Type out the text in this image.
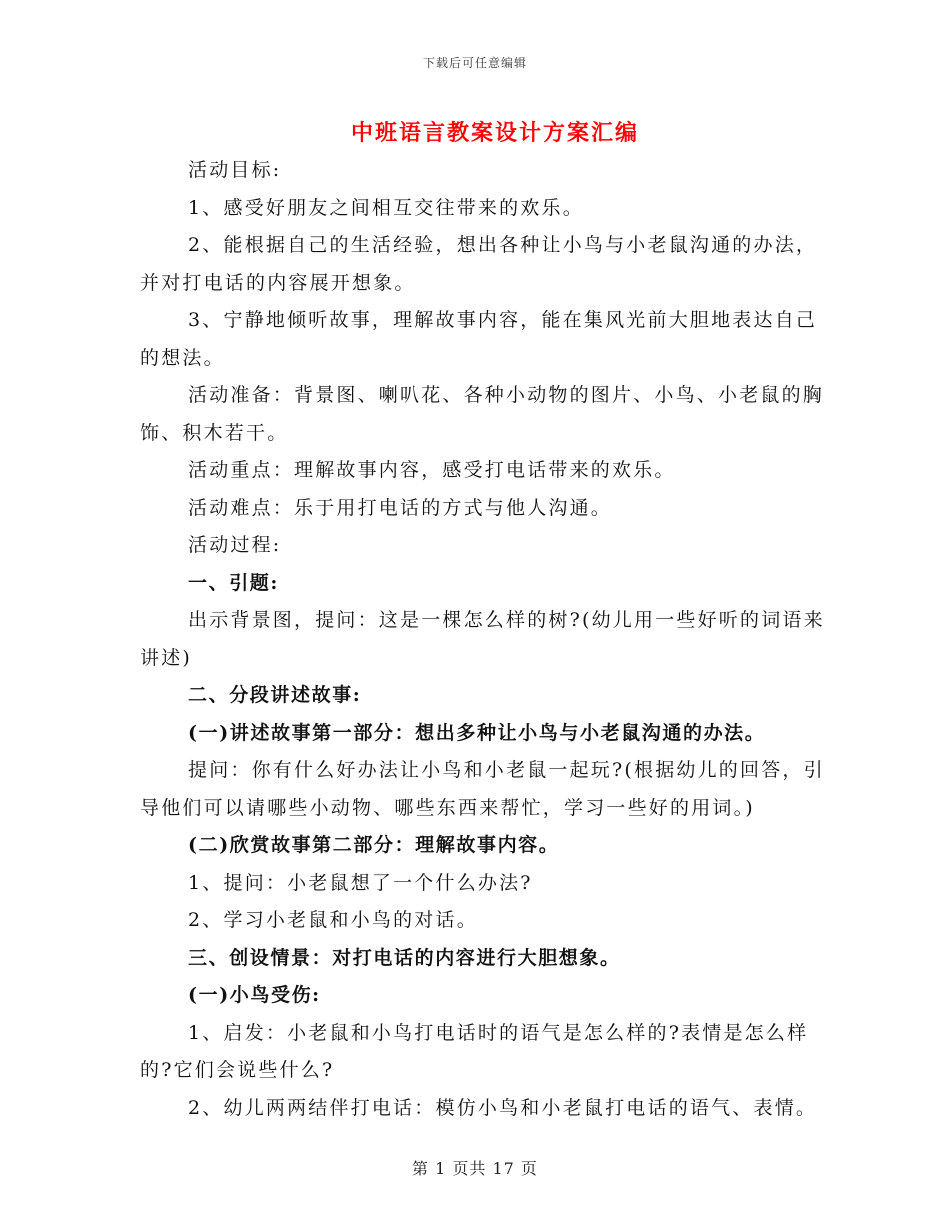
下载后可任意编辑
中班语言教案设计方案汇编

活动目标:

1、感受好朋友之间相互交往带来的欢乐。

2、能根据自己的生活经验，想出各种让小鸟与小老鼠沟通的办法，并对打电话的内容展开想象。

3、宁静地倾听故事，理解故事内容，能在集风光前大胆地表达自己的想法。

活动准备：背景图、喇叭花、各种小动物的图片、小鸟、小老鼠的胸饰、积木若干。

活动重点：理解故事内容，感受打电话带来的欢乐。

活动难点：乐于用打电话的方式与他人沟通。

活动过程:

一、引题:

出示背景图，提问：这是一棵怎么样的树?(幼儿用一些好听的词语来讲述)

二、分段讲述故事:

(一)讲述故事第一部分：想出多种让小鸟与小老鼠沟通的办法。

提问：你有什么好办法让小鸟和小老鼠一起玩?(根据幼儿的回答，引导他们可以请哪些小动物、哪些东西来帮忙，学习一些好的用词。)

(二)欣赏故事第二部分：理解故事内容。

1、提问：小老鼠想了一个什么办法?

2、学习小老鼠和小鸟的对话。

三、创设情景：对打电话的内容进行大胆想象。

(一)小鸟受伤:

1、启发：小老鼠和小鸟打电话时的语气是怎么样的?表情是怎么样的?它们会说些什么?

2、幼儿两两结伴打电话：模仿小鸟和小老鼠打电话的语气、表情。

第 1 页共 17 页
